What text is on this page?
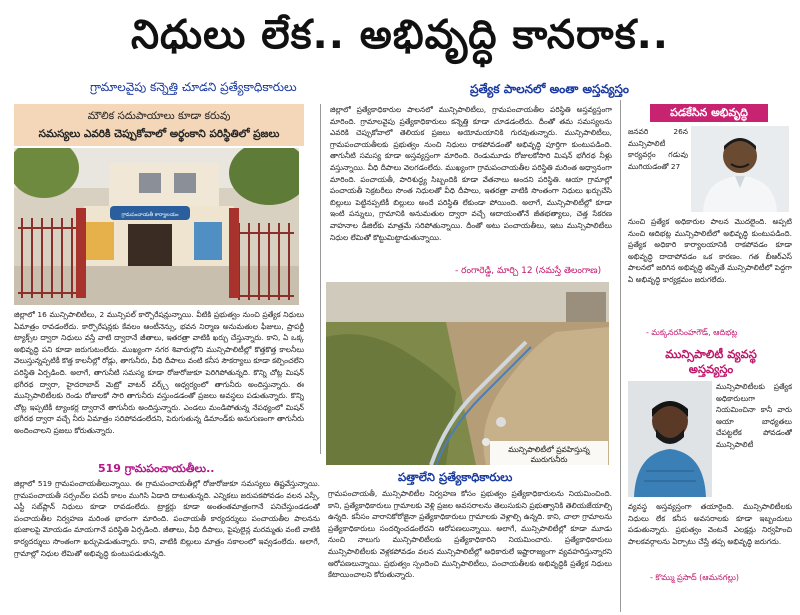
నిధులు లేక.. అభివృద్ధి కానరాక..
గ్రామాలవైపు కన్నెత్తి చూడని ప్రత్యేకాధికారులు	ప్రత్యేక పాలనలో అంతా అస్తవ్యస్తం
మౌలిక సదుపాయాలు కూడా కరువు
సమస్యలు ఎవరికి చెప్పుకోవాలో అర్థంకాని పరిస్థితిలో ప్రజలు
గ్రామపంచాయతీ కార్యాలయం
జిల్లాలో 16 మున్సిపాలిటీలు, 2 మున్సిపల్ కార్పొరేషన్లున్నాయి. వీటికి ప్రభుత్వం నుంచి ప్రత్యేక నిధులు ఏమాత్రం రావడంలేదు. కార్పొరేషన్లకు కేవలం ఆంటీనెన్సు, భవన నిర్మాణ అనుమతుల ఫీజులు, ప్రాపర్టీ ట్యాక్స్‌ల ద్వారా నిధులు వస్తే వాటి ద్వారానే జీతాలు, ఇతరత్రా వాటికి ఖర్చు చేస్తున్నారు. కాని, ఏ ఒక్క అభివృద్ధి పని కూడా జరుగుటంలేదు. ముఖ్యంగా నగర శివారుల్లోని మున్సిపాలిటీల్లో కొత్తకొత్త కాలనీలు వెలుస్తున్నప్పటికీ కొత్త కాలనీల్లో రోడ్లు, తాగునీరు, వీధి దీపాలు వంటి కనీస సౌకర్యాలు కూడా కల్పించలేని పరిస్థితి ఏర్పడింది. అలాగే, తాగునీటి సమస్య కూడా రోజురోజుకూ పెరిగిపోతున్నది. కొన్ని చోట్ల మిషన్ భగీరథ ద్వారా, హైదరాబాద్ మెట్రో వాటర్ వర్క్స్ ఆధ్వర్యంలో తాగునీరు అందిస్తున్నారు. ఈ మున్సిపాలిటీలకు రెండు రోజులకో సారి తాగునీరు వస్తుండడంతో ప్రజలు అవస్థలు పడుతున్నారు. కొన్ని చోట్ల ఇప్పటికీ ట్యాంకర్ల ద్వారానే తాగునీరు అందిస్తున్నారు. ఎండలు మండిపోతున్న నేపథ్యంలో మిషన్ భగీరథ ద్వారా వచ్చే నీరు ఏమాత్రం సరిపోవడంలేదని, పెరుగుతున్న డిమాండ్‌కు అనుగుణంగా తాగునీరు అందించాలని ప్రజలు కోరుతున్నారు.
519 గ్రామపంచాయతీలు..
జిల్లాలో 519 గ్రామపంచాయతీలున్నాయి. ఈ గ్రామపంచాయతీల్లో రోజురోజుకూ సమస్యలు తిష్టవేస్తున్నాయి. గ్రామపంచాయతీ సర్పంచ్‌ల పదవీ కాలం ముగిసి ఏడాది దాటుతున్నది. ఎన్నికలు జరుపకపోవడం వలన ఎస్సీ, ఎస్టీ సబ్‌ప్లాన్ నిధులు కూడా రావడంలేదు. ట్రాక్టర్లు కూడా అంతంతమాత్రంగానే పనిచేస్తుండడంతో పంచాయతీల నిర్వహణ మరింత భారంగా మారింది. పంచాయతీ కార్యదర్శులు పంచాయతీల పాలనను భుజాలపై మోయడం మాయగానే పరిస్థితి ఏర్పడింది. జీతాలు, వీధి దీపాలు, పైపులైన్ల మరమ్మతు వంటి వాటికి కార్యదర్శులు సొంతంగా ఖర్చుపెడుతున్నారు. కాని, వాటికి బిల్లులు మాత్రం సకాలంలో ఇవ్వడంలేదు. అలాగే, గ్రామాల్లో నిధుల లేమితో అభివృద్ధి కుంటుపడుతున్నది.
జిల్లాలో ప్రత్యేకాధికారుల పాలనలో మున్సిపాలిటీలు, గ్రామపంచాయతీల పరిస్థితి అస్తవ్యస్తంగా మారింది. గ్రామాలవైపు ప్రత్యేకాధికారులు కన్నెత్తి కూడా చూడడంలేదు. దీంతో తమ సమస్యలను ఎవరికి చెప్పుకోవాలో తెలియక ప్రజలు అయోమయానికి గురవుతున్నారు. మున్సిపాలిటీలు, గ్రామపంచాయతీలకు ప్రభుత్వం నుంచి నిధులు రాకపోవడంతో అభివృద్ధి పూర్తిగా కుంటుపడింది. తాగునీటి సమస్య కూడా అస్తవ్యస్తంగా మారింది. రెండుమూడు రోజులకోసారి మిషన్ భగీరథ నీళ్లు వస్తున్నాయి. వీధి దీపాలు వెలగడంలేదు. ముఖ్యంగా గ్రామపంచాయతీల పరిస్థితి మరింత అధ్వానంగా మారింది. పంచాయతీ, పారిశుద్ధ్య సిబ్బందికి కూడా వేతనాలు అందని పరిస్థితి. ఆయా గ్రామాల్లో పంచాయతీ సెక్రటరీలు సొంత నిధులతో వీధి దీపాలు, ఇతరత్రా వాటికి సొంతంగా నిధులు ఖర్చుచేసి బిల్లులు పెట్టినప్పటికీ బిల్లులు అందే పరిస్థితి లేకుండా పోయింది. అలాగే, మున్సిపాలిటీల్లో కూడా ఇంటి పన్నులు, గ్రామానికి అనుమతుల ద్వారా వచ్చే ఆదాయంతోనే జీతభత్యాలు, చెత్త సేకరణ వాహనాల డీజిల్‌కు మాత్రమే సరిపోతున్నాయి. దీంతో అటు పంచాయతీలు, ఇటు మున్సిపాలిటీలు నిధుల లేమితో కొట్టుమిట్టాడుతున్నాయి.
- రంగారెడ్డి, మార్చి 12 (నమస్తే తెలంగాణ)
మున్సిపాలిటీలో ప్రవహిస్తున్న మురుగునీరు
పత్తాలేని ప్రత్యేకాధికారులు
గ్రామపంచాయతీ, మున్సిపాలిటీల నిర్వహణ కోసం ప్రభుత్వం ప్రత్యేకాధికారులను నియమించింది. కాని, ప్రత్యేకాధికారులు గ్రామాలకు వెళ్లి ప్రజల అవసరాలను తెలుసుకుని ప్రభుత్వానికి తెలియజేయాల్సి ఉన్నది. కనీసం వారానికోరోజైనా ప్రత్యేకాధికారులు గ్రామాలకు వెళ్లాల్సి ఉన్నది. కాని, చాలా గ్రామాలను ప్రత్యేకాధికారులు సందర్శించడంలేదని ఆరోపణలున్నాయి. అలాగే, మున్సిపాలిటీల్లో కూడా మూడు నుంచి నాలుగు మున్సిపాలిటీలకు ప్రత్యేకాధికారిని నియమించారు. ప్రత్యేకాధికారులు మున్సిపాలిటీలకు వెళ్లకపోవడం వలన మున్సిపాలిటీల్లో అధికారులే ఇష్టారాజ్యంగా వ్యవహరిస్తున్నారని ఆరోపణలున్నాయి. ప్రభుత్వం స్పందించి మున్సిపాలిటీలు, పంచాయతీలకు అభివృద్ధికి ప్రత్యేక నిధులు కేటాయించాలని కోరుతున్నారు.
పడకేసిన అభివృద్ధి
జనవరి 26న మున్సిపాలిటీ కార్యవర్గం గడువు ముగియడంతో 27
నుంచి ప్రత్యేక అధికారుల పాలన మొదలైంది. అప్పటి నుంచి ఆదిభట్ల మున్సిపాలిటీలో అభివృద్ధి కుంటుపడింది. ప్రత్యేక అధికారి కార్యాలయానికి రాకపోవడం కూడా అభివృద్ధి దాదాపోవడం ఒక కారణం. గత బీఆర్‌ఎస్ పాలనలో జరిగిన అభివృద్ధి తప్పితే మున్సిపాలిటీలో పెద్దగా ఏ అభివృద్ధి కార్యక్రమం జరుగలేదు.
- మక్కనరసింహగౌడ్, ఆదిభట్ల
మున్సిపాలిటీ వ్యవస్థ
అస్తవ్యస్తం
మున్సిపాలిటీలకు ప్రత్యేక అధికారులుగా నియమించినా కానీ వారు ఆయా బాధ్యతలు చేపట్టలేక పోవడంతో మున్సిపాలిటీ
వ్యవస్థ అస్తవ్యస్తంగా తయారైంది. మున్సిపాలిటీలకు నిధులు లేక కనీస అవసరాలకు కూడా ఇబ్బందులు పడుతున్నారు. ప్రభుత్వం వెంటనే ఎలక్షన్లు నిర్వహించి పాలకవర్గాలను ఏర్పాటు చేస్తే తప్ప అభివృద్ధి జరుగదు.
- కొమ్ము ప్రసాద్ (ఆమనగల్లు)
